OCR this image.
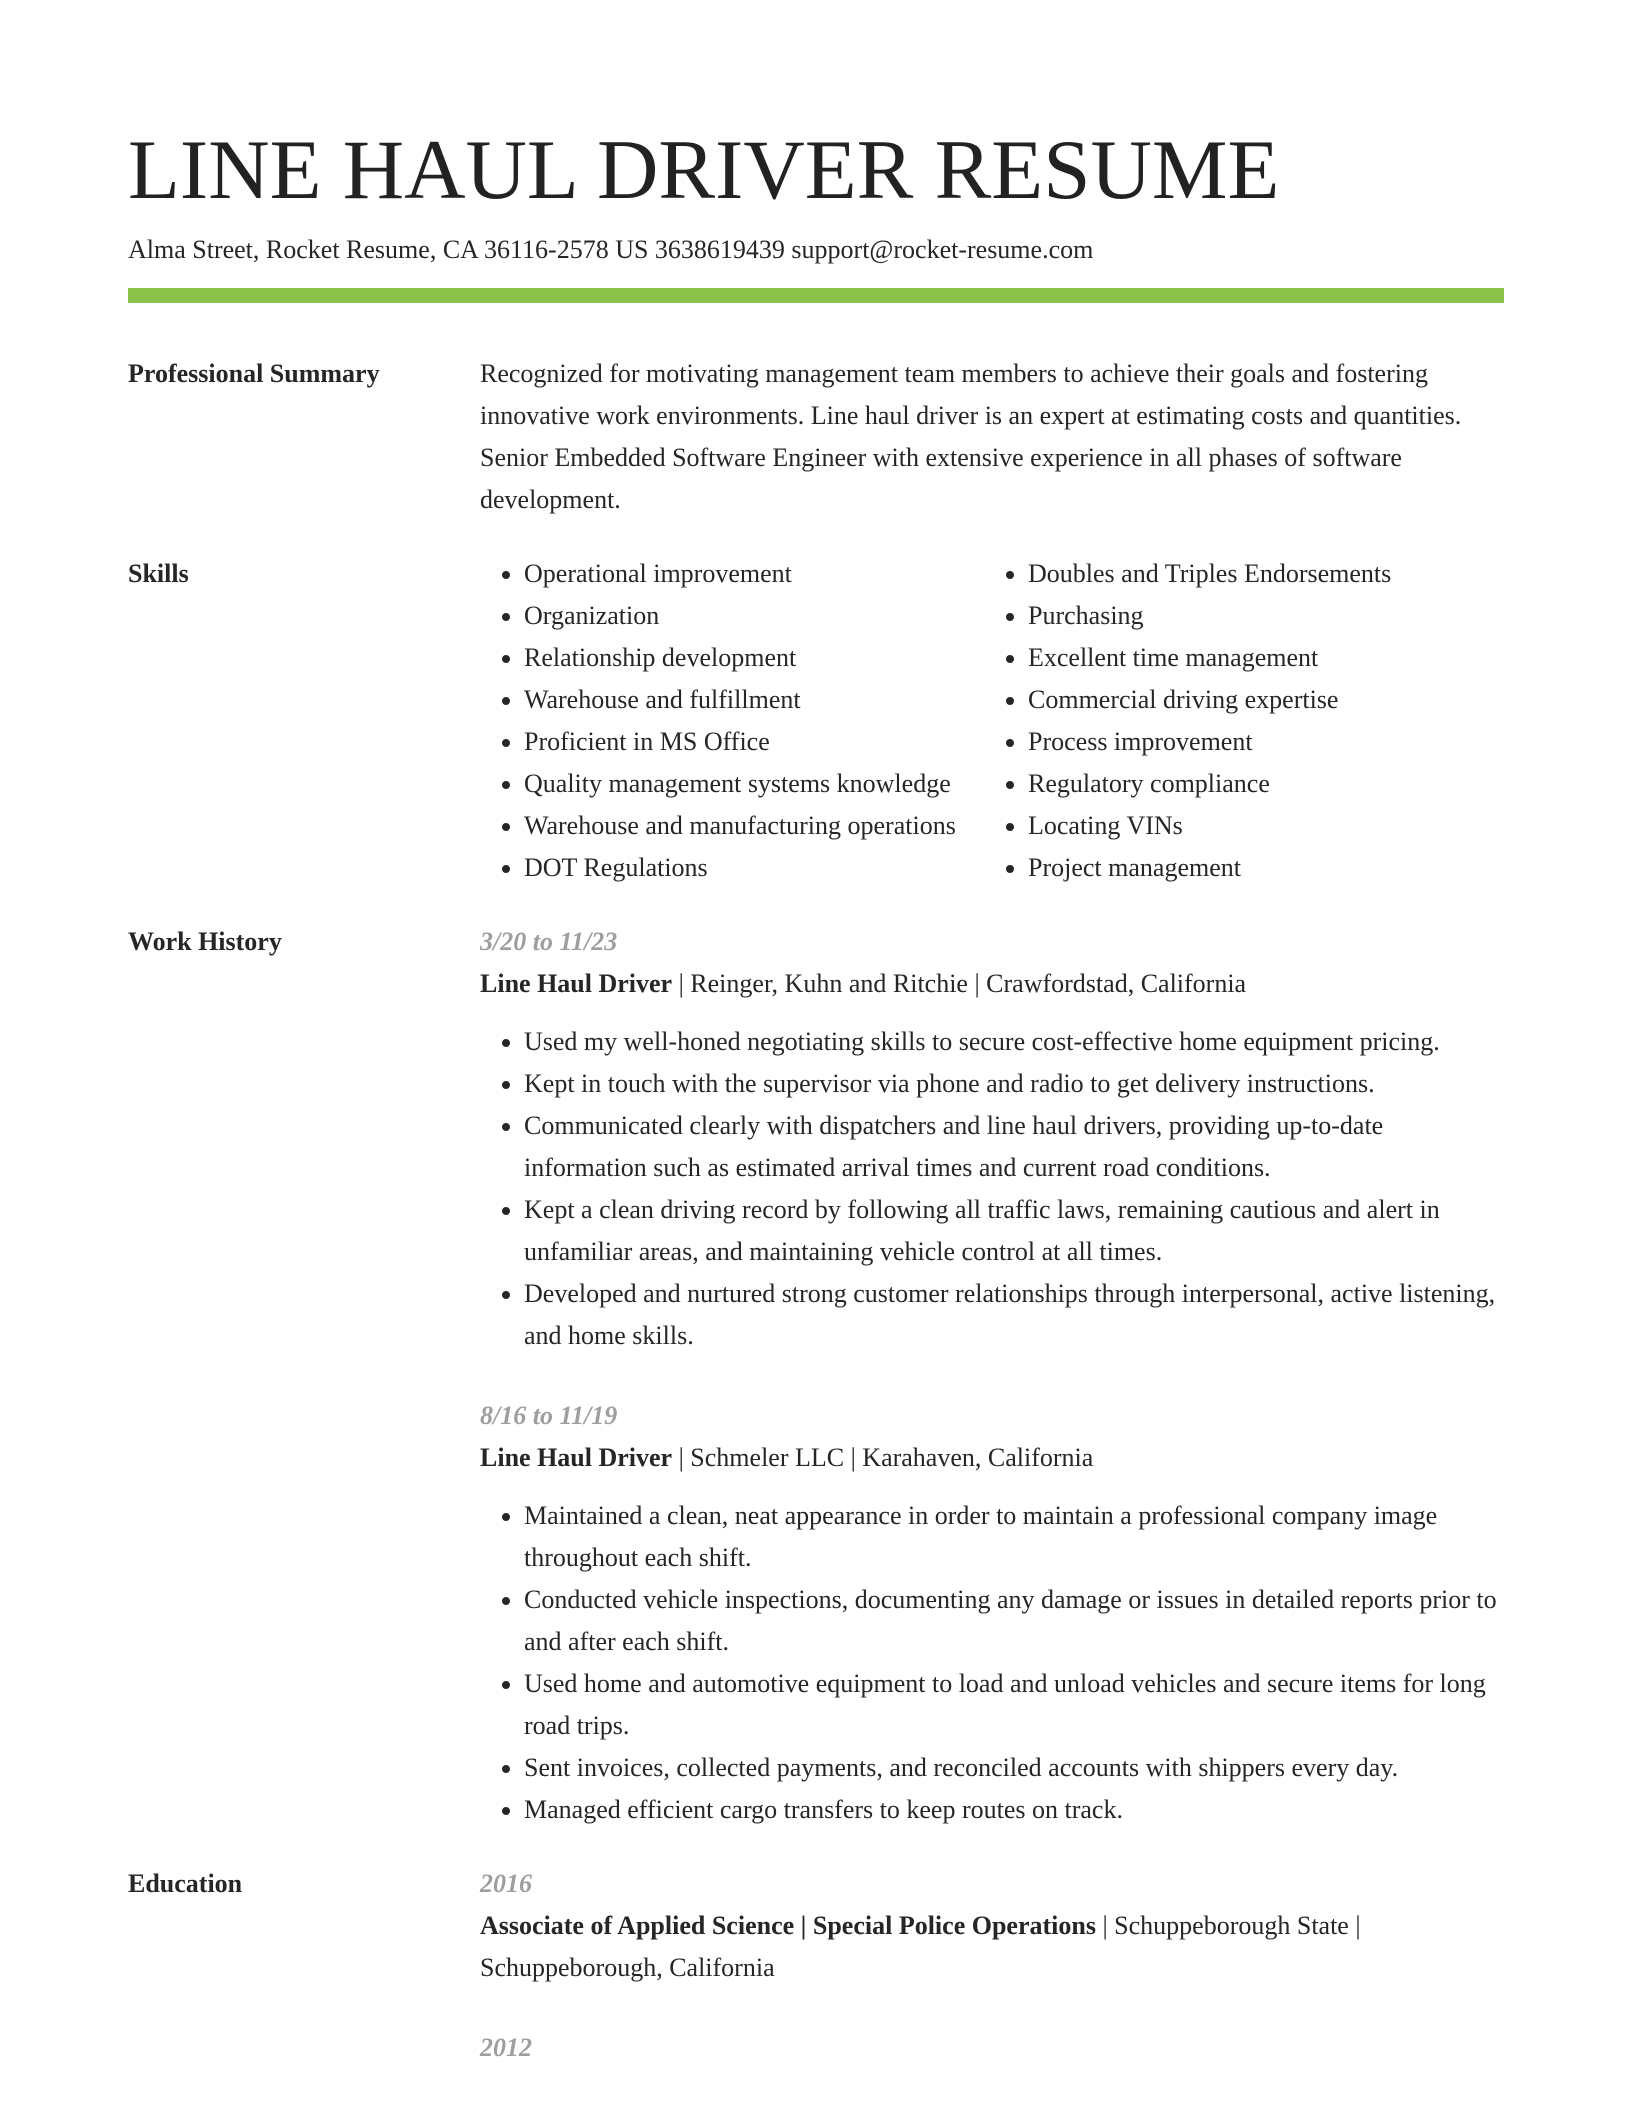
LINE HAUL DRIVER RESUME
Alma Street, Rocket Resume, CA 36116-2578 US 3638619439 support@rocket-resume.com
Professional Summary	Recognized for motivating management team members to achieve their goals and fostering innovative work environments. Line haul driver is an expert at estimating costs and quantities. Senior Embedded Software Engineer with extensive experience in all phases of software development.
Skills
•	Operational improvement
• Organization
• Relationship development
• Warehouse and fulfillment
• Proficient in MS Office
• Quality management systems knowledge
• Warehouse and manufacturing operations
• DOT Regulations
• Doubles and Triples Endorsements
• Purchasing
• Excellent time management
• Commercial driving expertise
• Process improvement
• Regulatory compliance
• Locating VINs
• Project management
Work History	3/20 to 11/23
Line Haul Driver | Reinger, Kuhn and Ritchie | Crawfordstad, California
• Used my well-honed negotiating skills to secure cost-effective home equipment pricing.
• Kept in touch with the supervisor via phone and radio to get delivery instructions.
• Communicated clearly with dispatchers and line haul drivers, providing up-to-date information such as estimated arrival times and current road conditions.
• Kept a clean driving record by following all traffic laws, remaining cautious and alert in unfamiliar areas, and maintaining vehicle control at all times.
• Developed and nurtured strong customer relationships through interpersonal, active listening, and home skills.
8/16 to 11/19
Line Haul Driver | Schmeler LLC | Karahaven, California
• Maintained a clean, neat appearance in order to maintain a professional company image throughout each shift.
• Conducted vehicle inspections, documenting any damage or issues in detailed reports prior to and after each shift.
• Used home and automotive equipment to load and unload vehicles and secure items for long road trips.
• Sent invoices, collected payments, and reconciled accounts with shippers every day.
• Managed efficient cargo transfers to keep routes on track.
Education	2016
Associate of Applied Science | Special Police Operations | Schuppeborough State | Schuppeborough, California
2012
